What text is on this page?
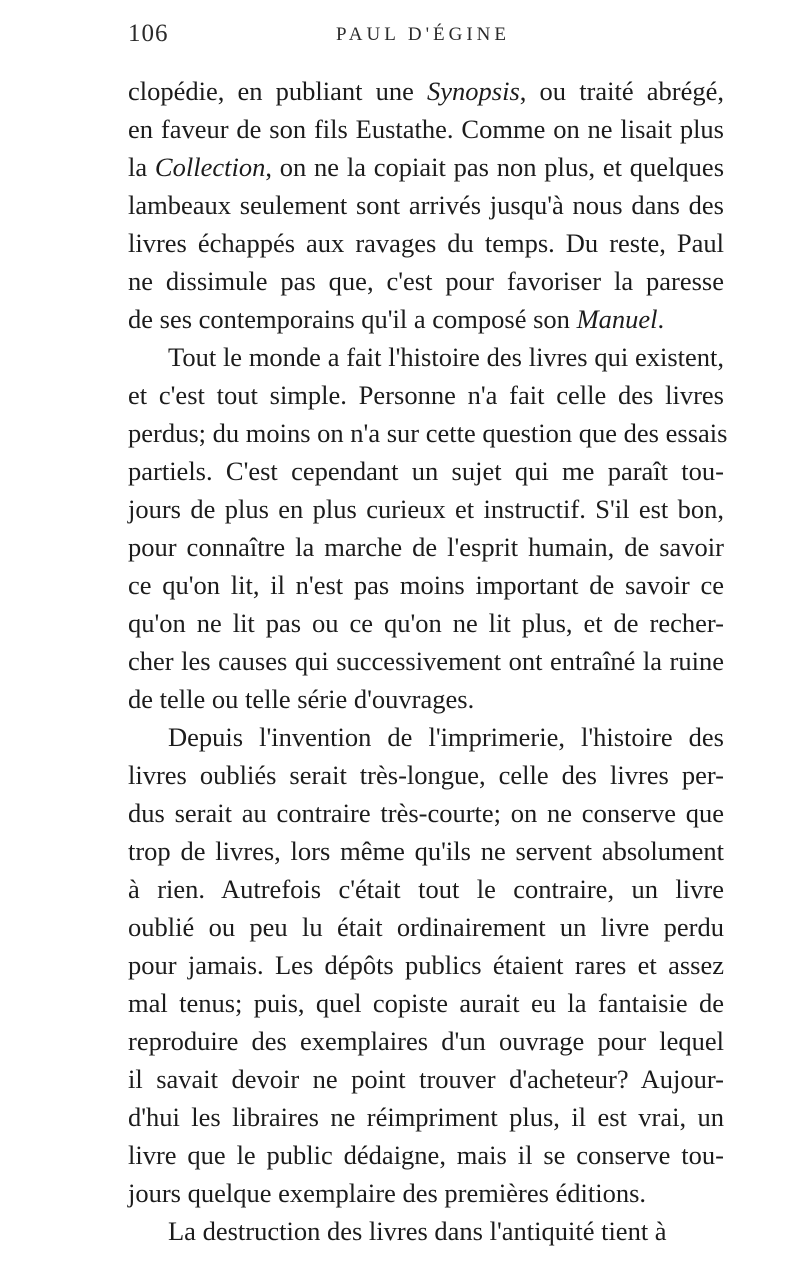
106	PAUL D'ÉGINE
clopédie, en publiant une Synopsis, ou traité abrégé,
en faveur de son fils Eustathe. Comme on ne lisait plus
la Collection, on ne la copiait pas non plus, et quelques
lambeaux seulement sont arrivés jusqu'à nous dans des
livres échappés aux ravages du temps. Du reste, Paul
ne dissimule pas que, c'est pour favoriser la paresse
de ses contemporains qu'il a composé son Manuel.
Tout le monde a fait l'histoire des livres qui existent,
et c'est tout simple. Personne n'a fait celle des livres
perdus; du moins on n'a sur cette question que des essais
partiels. C'est cependant un sujet qui me paraît tou-
jours de plus en plus curieux et instructif. S'il est bon,
pour connaître la marche de l'esprit humain, de savoir
ce qu'on lit, il n'est pas moins important de savoir ce
qu'on ne lit pas ou ce qu'on ne lit plus, et de recher-
cher les causes qui successivement ont entraîné la ruine
de telle ou telle série d'ouvrages.
Depuis l'invention de l'imprimerie, l'histoire des
livres oubliés serait très-longue, celle des livres per-
dus serait au contraire très-courte; on ne conserve que
trop de livres, lors même qu'ils ne servent absolument
à rien. Autrefois c'était tout le contraire, un livre
oublié ou peu lu était ordinairement un livre perdu
pour jamais. Les dépôts publics étaient rares et assez
mal tenus; puis, quel copiste aurait eu la fantaisie de
reproduire des exemplaires d'un ouvrage pour lequel
il savait devoir ne point trouver d'acheteur? Aujour-
d'hui les libraires ne réimpriment plus, il est vrai, un
livre que le public dédaigne, mais il se conserve tou-
jours quelque exemplaire des premières éditions.
La destruction des livres dans l'antiquité tient à
